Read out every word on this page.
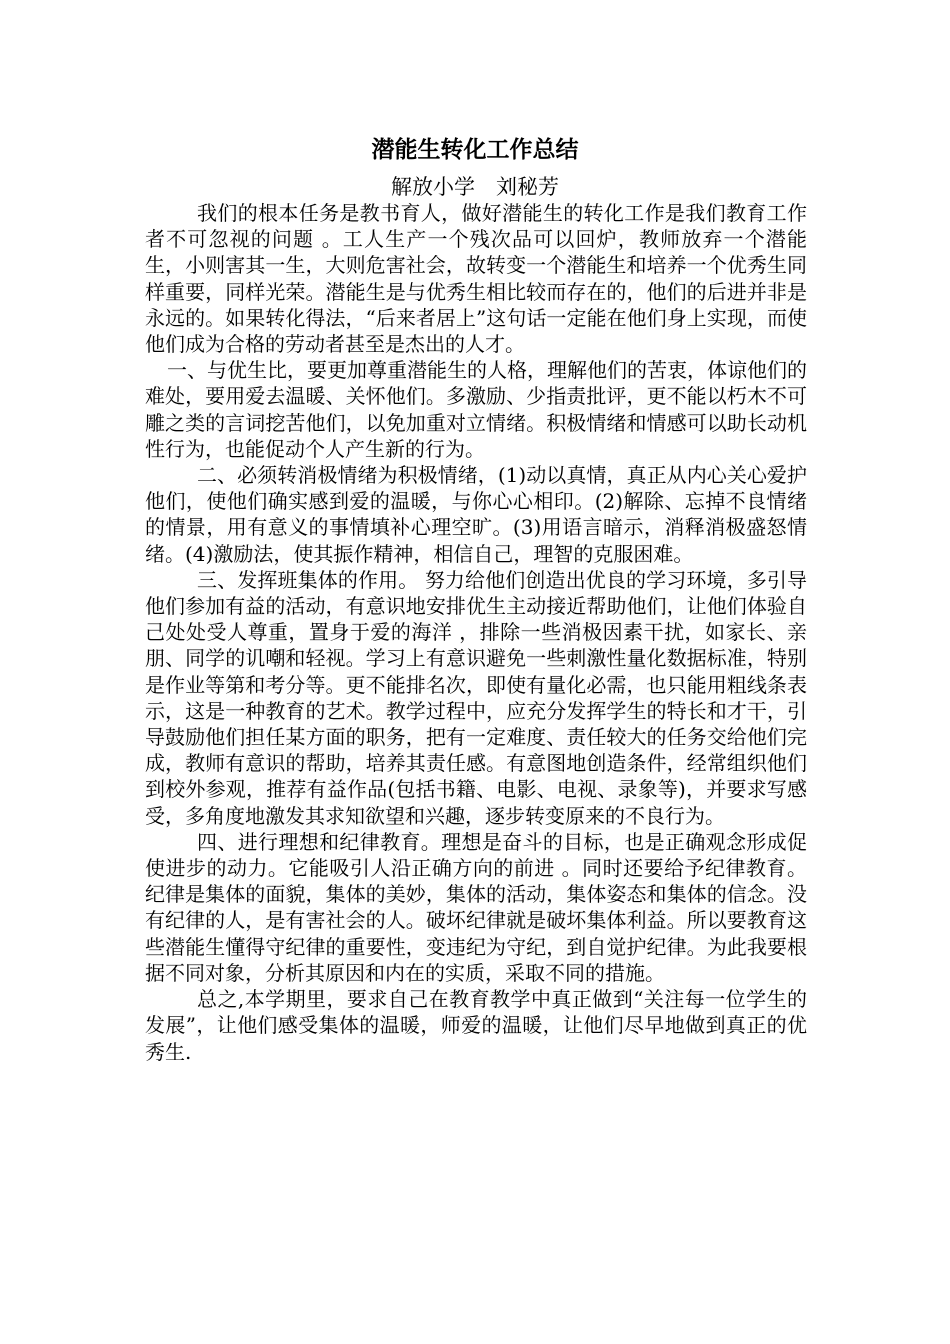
潜能生转化工作总结
解放小学　刘秘芳

我们的根本任务是教书育人，做好潜能生的转化工作是我们教育工作者不可忽视的问题 。工人生产一个残次品可以回炉，教师放弃一个潜能生，小则害其一生，大则危害社会，故转变一个潜能生和培养一个优秀生同样重要，同样光荣。潜能生是与优秀生相比较而存在的，他们的后进并非是永远的。如果转化得法，“后来者居上”这句话一定能在他们身上实现，而使他们成为合格的劳动者甚至是杰出的人才。

一、与优生比，要更加尊重潜能生的人格，理解他们的苦衷，体谅他们的难处，要用爱去温暖、关怀他们。多激励、少指责批评，更不能以朽木不可雕之类的言词挖苦他们，以免加重对立情绪。积极情绪和情感可以助长动机性行为，也能促动个人产生新的行为。

二、必须转消极情绪为积极情绪，(1)动以真情，真正从内心关心爱护他们，使他们确实感到爱的温暖，与你心心相印。(2)解除、忘掉不良情绪的情景，用有意义的事情填补心理空旷。(3)用语言暗示，消释消极盛怒情绪。(4)激励法，使其振作精神，相信自己，理智的克服困难。

三、发挥班集体的作用。 努力给他们创造出优良的学习环境，多引导他们参加有益的活动，有意识地安排优生主动接近帮助他们，让他们体验自己处处受人尊重，置身于爱的海洋 ，排除一些消极因素干扰，如家长、亲朋、同学的讥嘲和轻视。学习上有意识避免一些刺激性量化数据标准，特别是作业等第和考分等。更不能排名次，即使有量化必需，也只能用粗线条表示，这是一种教育的艺术。教学过程中，应充分发挥学生的特长和才干，引导鼓励他们担任某方面的职务，把有一定难度、责任较大的任务交给他们完成，教师有意识的帮助，培养其责任感。有意图地创造条件，经常组织他们到校外参观，推荐有益作品(包括书籍、电影、电视、录象等)，并要求写感受，多角度地激发其求知欲望和兴趣，逐步转变原来的不良行为。

四、进行理想和纪律教育。理想是奋斗的目标，也是正确观念形成促使进步的动力。它能吸引人沿正确方向的前进 。同时还要给予纪律教育。纪律是集体的面貌，集体的美妙，集体的活动，集体姿态和集体的信念。没有纪律的人，是有害社会的人。破坏纪律就是破坏集体利益。所以要教育这些潜能生懂得守纪律的重要性，变违纪为守纪，到自觉护纪律。为此我要根据不同对象，分析其原因和内在的实质，采取不同的措施。

总之,本学期里，要求自己在教育教学中真正做到“关注每一位学生的发展”，让他们感受集体的温暖，师爱的温暖，让他们尽早地做到真正的优秀生.
